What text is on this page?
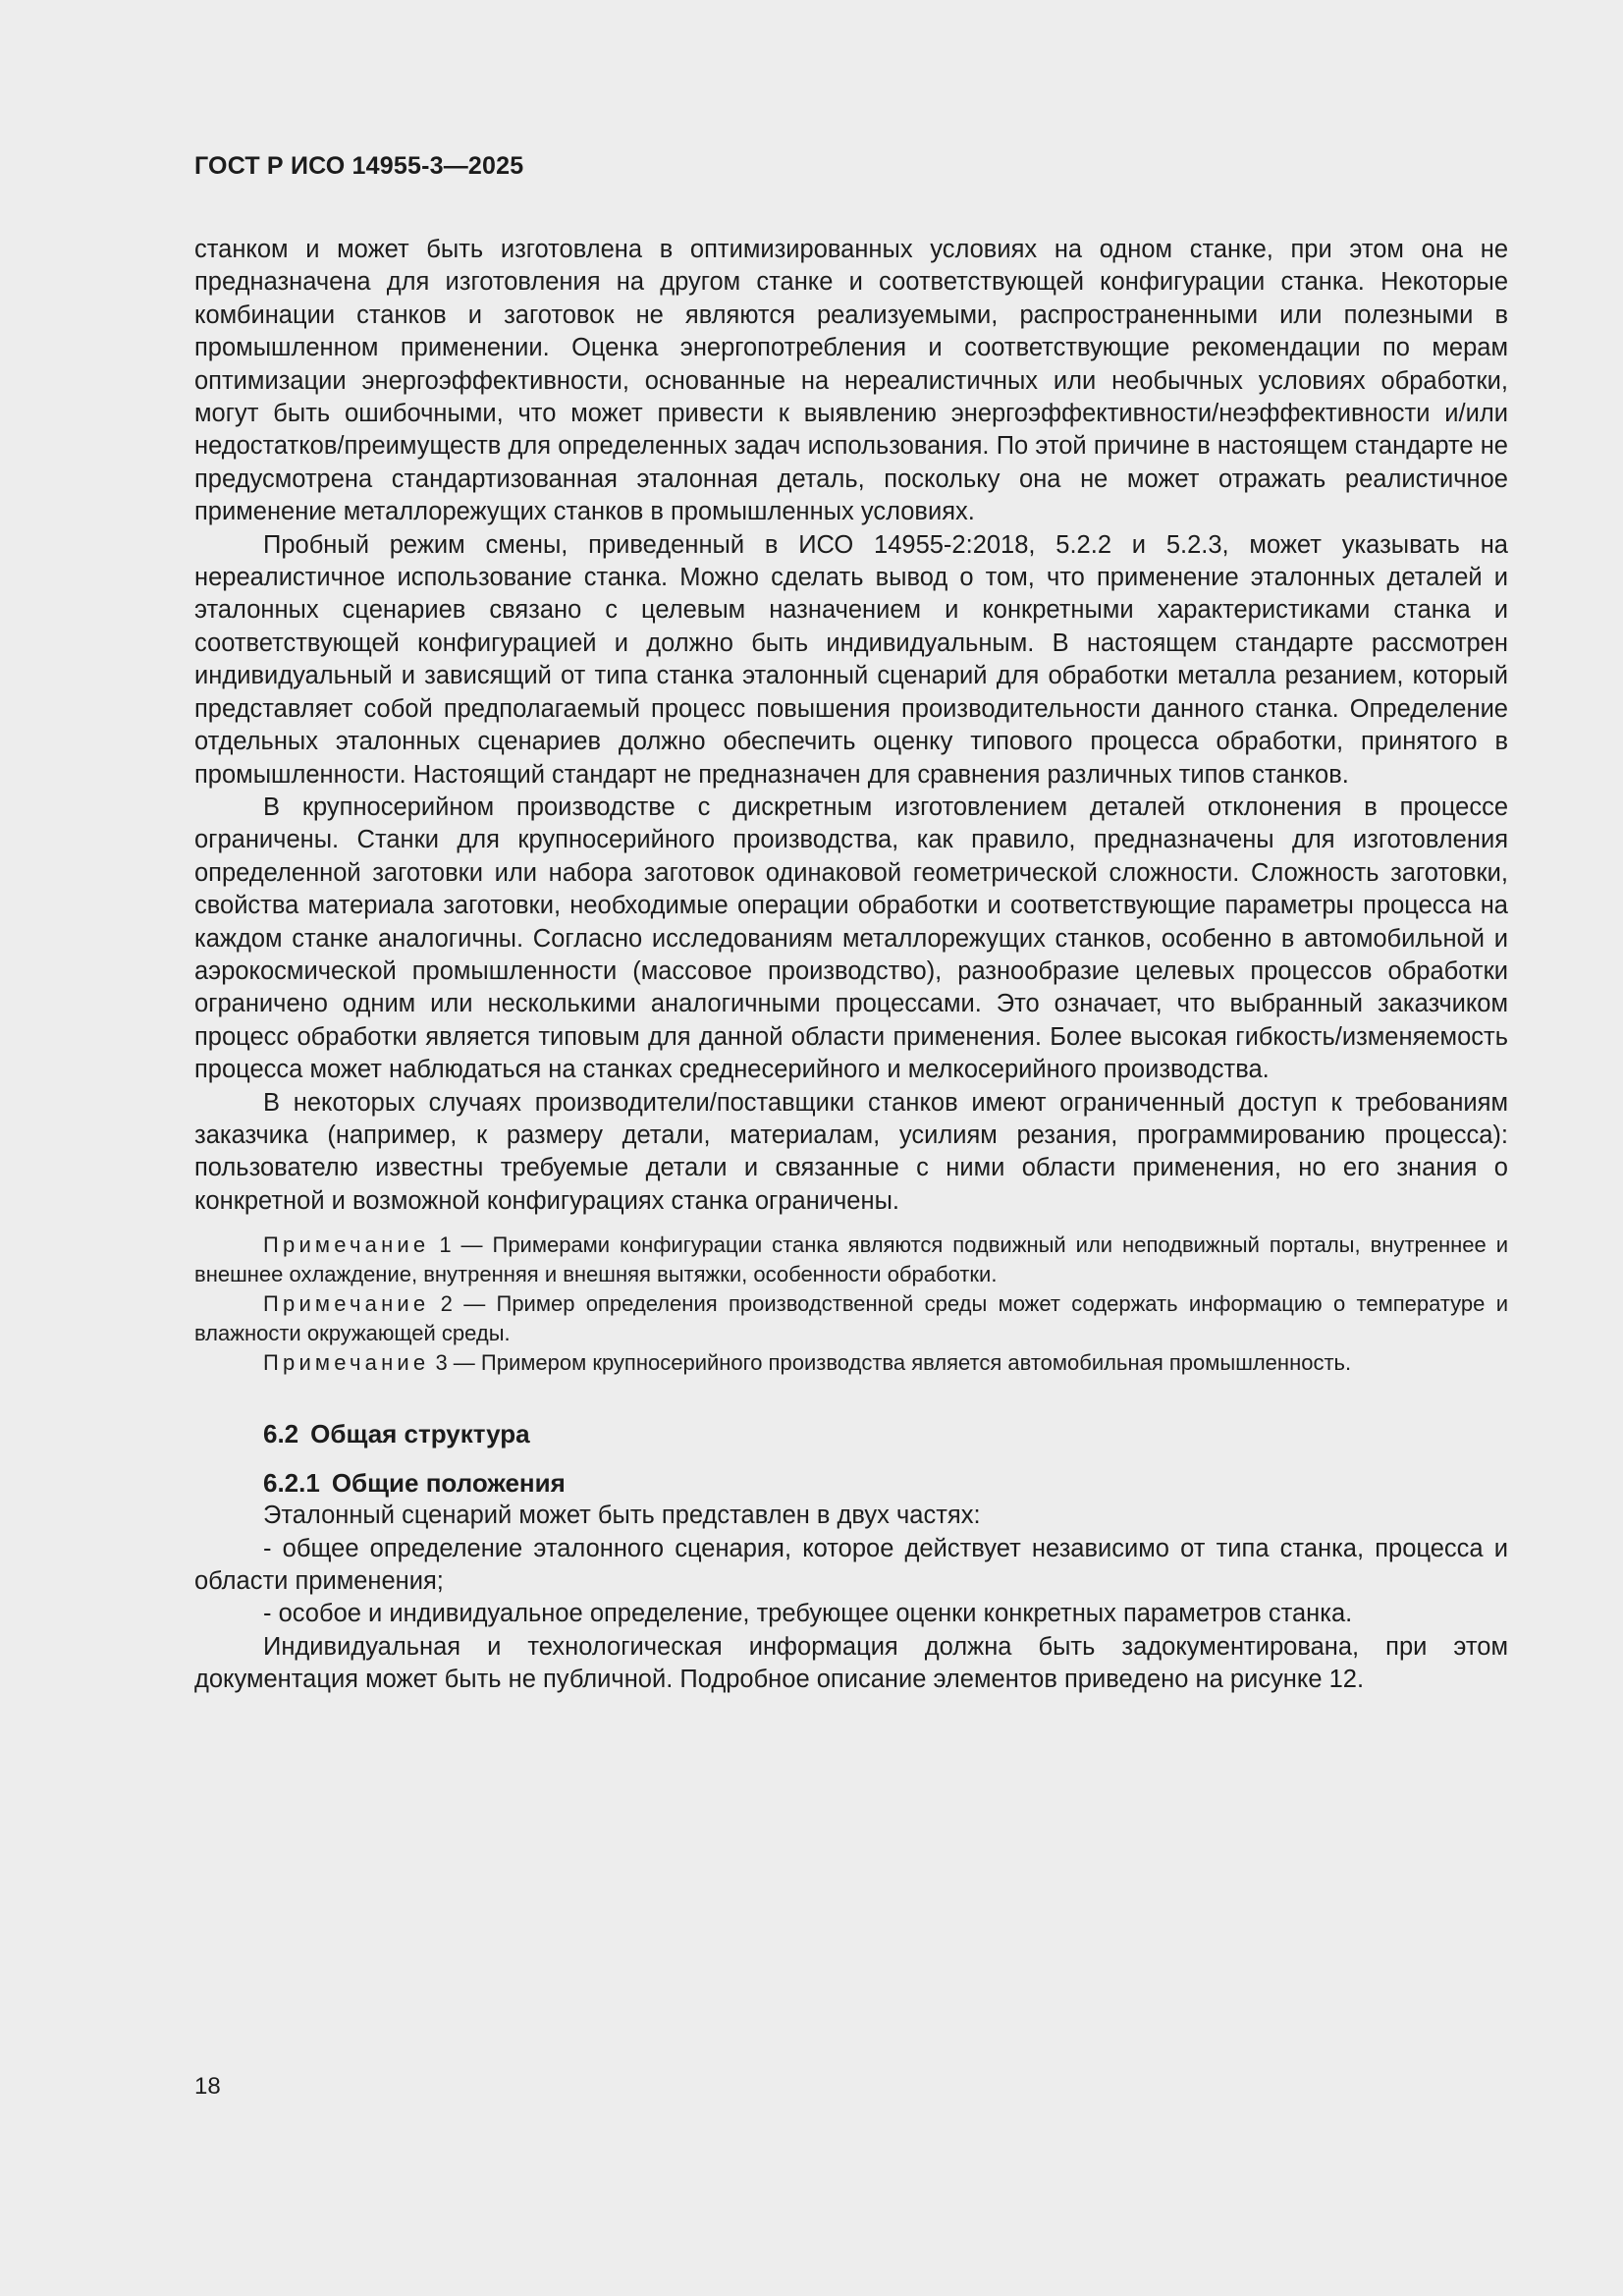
ГОСТ Р ИСО 14955-3—2025

станком и может быть изготовлена в оптимизированных условиях на одном станке, при этом она не предназначена для изготовления на другом станке и соответствующей конфигурации станка. Некоторые комбинации станков и заготовок не являются реализуемыми, распространенными или полезными в промышленном применении. Оценка энергопотребления и соответствующие рекомендации по мерам оптимизации энергоэффективности, основанные на нереалистичных или необычных условиях обработки, могут быть ошибочными, что может привести к выявлению энергоэффективности/неэффективности и/или недостатков/преимуществ для определенных задач использования. По этой причине в настоящем стандарте не предусмотрена стандартизованная эталонная деталь, поскольку она не может отражать реалистичное применение металлорежущих станков в промышленных условиях.

Пробный режим смены, приведенный в ИСО 14955-2:2018, 5.2.2 и 5.2.3, может указывать на нереалистичное использование станка. Можно сделать вывод о том, что применение эталонных деталей и эталонных сценариев связано с целевым назначением и конкретными характеристиками станка и соответствующей конфигурацией и должно быть индивидуальным. В настоящем стандарте рассмотрен индивидуальный и зависящий от типа станка эталонный сценарий для обработки металла резанием, который представляет собой предполагаемый процесс повышения производительности данного станка. Определение отдельных эталонных сценариев должно обеспечить оценку типового процесса обработки, принятого в промышленности. Настоящий стандарт не предназначен для сравнения различных типов станков.

В крупносерийном производстве с дискретным изготовлением деталей отклонения в процессе ограничены. Станки для крупносерийного производства, как правило, предназначены для изготовления определенной заготовки или набора заготовок одинаковой геометрической сложности. Сложность заготовки, свойства материала заготовки, необходимые операции обработки и соответствующие параметры процесса на каждом станке аналогичны. Согласно исследованиям металлорежущих станков, особенно в автомобильной и аэрокосмической промышленности (массовое производство), разнообразие целевых процессов обработки ограничено одним или несколькими аналогичными процессами. Это означает, что выбранный заказчиком процесс обработки является типовым для данной области применения. Более высокая гибкость/изменяемость процесса может наблюдаться на станках среднесерийного и мелкосерийного производства.

В некоторых случаях производители/поставщики станков имеют ограниченный доступ к требованиям заказчика (например, к размеру детали, материалам, усилиям резания, программированию процесса): пользователю известны требуемые детали и связанные с ними области применения, но его знания о конкретной и возможной конфигурациях станка ограничены.

Примечание 1 — Примерами конфигурации станка являются подвижный или неподвижный порталы, внутреннее и внешнее охлаждение, внутренняя и внешняя вытяжки, особенности обработки.

Примечание 2 — Пример определения производственной среды может содержать информацию о температуре и влажности окружающей среды.

Примечание 3 — Примером крупносерийного производства является автомобильная промышленность.

6.2 Общая структура
6.2.1 Общие положения

Эталонный сценарий может быть представлен в двух частях:

- общее определение эталонного сценария, которое действует независимо от типа станка, процесса и области применения;

- особое и индивидуальное определение, требующее оценки конкретных параметров станка.

Индивидуальная и технологическая информация должна быть задокументирована, при этом документация может быть не публичной. Подробное описание элементов приведено на рисунке 12.

18
